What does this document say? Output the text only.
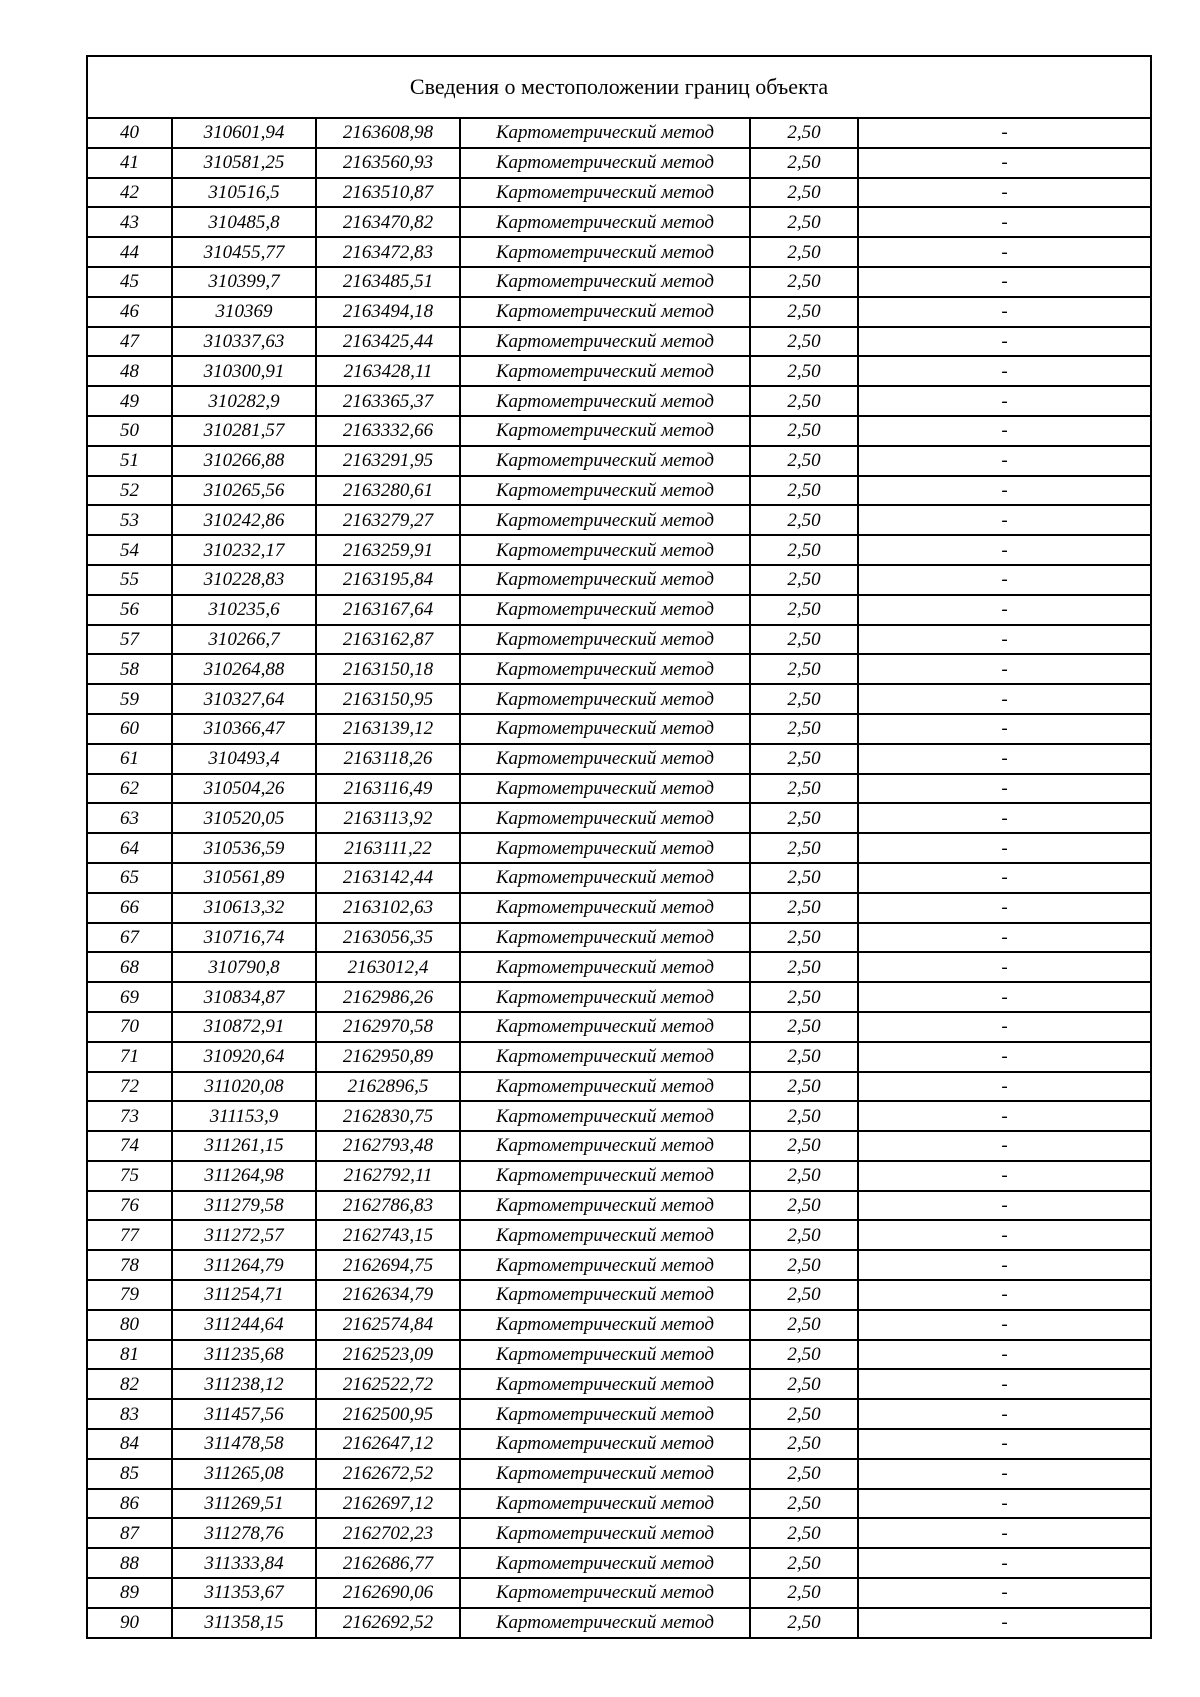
Сведения о местоположении границ объекта					
40	310601,94	2163608,98	Картометрический метод	2,50	-
41	310581,25	2163560,93	Картометрический метод	2,50	-
42	310516,5	2163510,87	Картометрический метод	2,50	-
43	310485,8	2163470,82	Картометрический метод	2,50	-
44	310455,77	2163472,83	Картометрический метод	2,50	-
45	310399,7	2163485,51	Картометрический метод	2,50	-
46	310369	2163494,18	Картометрический метод	2,50	-
47	310337,63	2163425,44	Картометрический метод	2,50	-
48	310300,91	2163428,11	Картометрический метод	2,50	-
49	310282,9	2163365,37	Картометрический метод	2,50	-
50	310281,57	2163332,66	Картометрический метод	2,50	-
51	310266,88	2163291,95	Картометрический метод	2,50	-
52	310265,56	2163280,61	Картометрический метод	2,50	-
53	310242,86	2163279,27	Картометрический метод	2,50	-
54	310232,17	2163259,91	Картометрический метод	2,50	-
55	310228,83	2163195,84	Картометрический метод	2,50	-
56	310235,6	2163167,64	Картометрический метод	2,50	-
57	310266,7	2163162,87	Картометрический метод	2,50	-
58	310264,88	2163150,18	Картометрический метод	2,50	-
59	310327,64	2163150,95	Картометрический метод	2,50	-
60	310366,47	2163139,12	Картометрический метод	2,50	-
61	310493,4	2163118,26	Картометрический метод	2,50	-
62	310504,26	2163116,49	Картометрический метод	2,50	-
63	310520,05	2163113,92	Картометрический метод	2,50	-
64	310536,59	2163111,22	Картометрический метод	2,50	-
65	310561,89	2163142,44	Картометрический метод	2,50	-
66	310613,32	2163102,63	Картометрический метод	2,50	-
67	310716,74	2163056,35	Картометрический метод	2,50	-
68	310790,8	2163012,4	Картометрический метод	2,50	-
69	310834,87	2162986,26	Картометрический метод	2,50	-
70	310872,91	2162970,58	Картометрический метод	2,50	-
71	310920,64	2162950,89	Картометрический метод	2,50	-
72	311020,08	2162896,5	Картометрический метод	2,50	-
73	311153,9	2162830,75	Картометрический метод	2,50	-
74	311261,15	2162793,48	Картометрический метод	2,50	-
75	311264,98	2162792,11	Картометрический метод	2,50	-
76	311279,58	2162786,83	Картометрический метод	2,50	-
77	311272,57	2162743,15	Картометрический метод	2,50	-
78	311264,79	2162694,75	Картометрический метод	2,50	-
79	311254,71	2162634,79	Картометрический метод	2,50	-
80	311244,64	2162574,84	Картометрический метод	2,50	-
81	311235,68	2162523,09	Картометрический метод	2,50	-
82	311238,12	2162522,72	Картометрический метод	2,50	-
83	311457,56	2162500,95	Картометрический метод	2,50	-
84	311478,58	2162647,12	Картометрический метод	2,50	-
85	311265,08	2162672,52	Картометрический метод	2,50	-
86	311269,51	2162697,12	Картометрический метод	2,50	-
87	311278,76	2162702,23	Картометрический метод	2,50	-
88	311333,84	2162686,77	Картометрический метод	2,50	-
89	311353,67	2162690,06	Картометрический метод	2,50	-
90	311358,15	2162692,52	Картометрический метод	2,50	-
